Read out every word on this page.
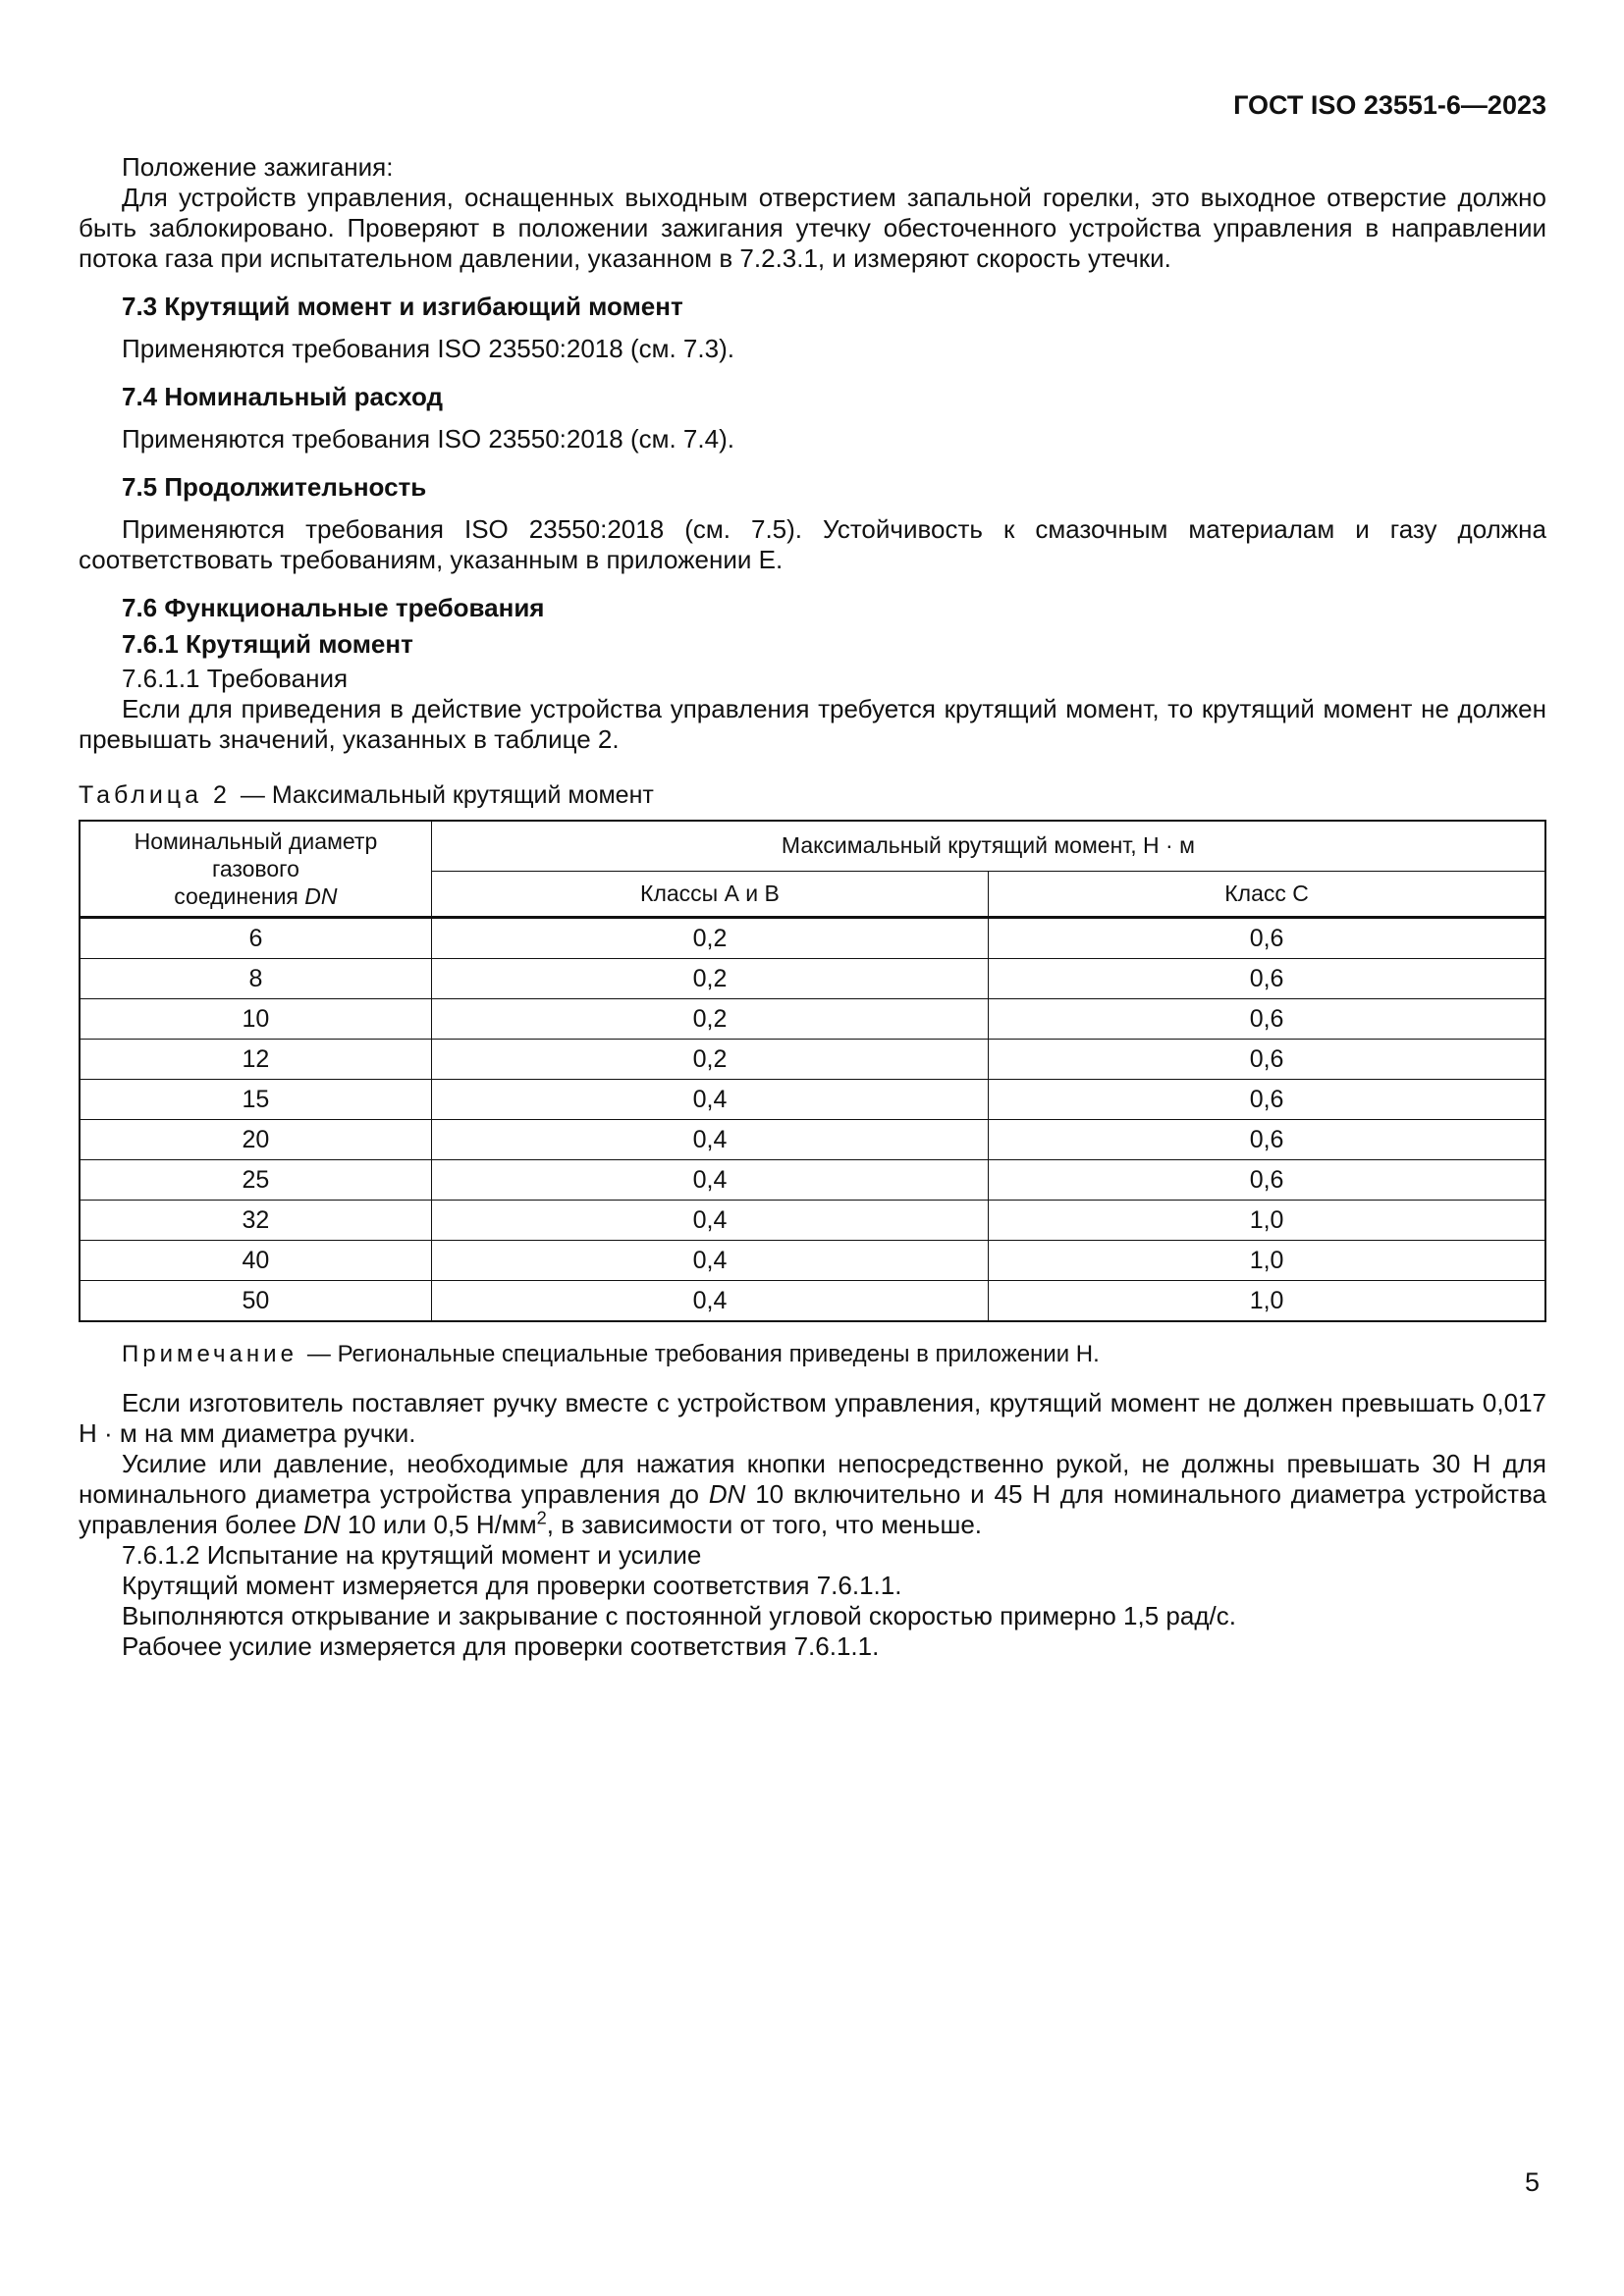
ГОСТ ISO 23551-6—2023

Положение зажигания:

Для устройств управления, оснащенных выходным отверстием запальной горелки, это выходное отверстие должно быть заблокировано. Проверяют в положении зажигания утечку обесточенного устройства управления в направлении потока газа при испытательном давлении, указанном в 7.2.3.1, и измеряют скорость утечки.

7.3 Крутящий момент и изгибающий момент

Применяются требования ISO 23550:2018 (см. 7.3).

7.4 Номинальный расход

Применяются требования ISO 23550:2018 (см. 7.4).

7.5 Продолжительность

Применяются требования ISO 23550:2018 (см. 7.5). Устойчивость к смазочным материалам и газу должна соответствовать требованиям, указанным в приложении Е.

7.6 Функциональные требования
7.6.1 Крутящий момент

7.6.1.1 Требования

Если для приведения в действие устройства управления требуется крутящий момент, то крутящий момент не должен превышать значений, указанных в таблице 2.

Таблица 2 — Максимальный крутящий момент
Номинальный диаметр газового
соединения DN	Максимальный крутящий момент, Н · м	
	Классы А и В	Класс С
6	0,2	0,6
8	0,2	0,6
10	0,2	0,6
12	0,2	0,6
15	0,4	0,6
20	0,4	0,6
25	0,4	0,6
32	0,4	1,0
40	0,4	1,0
50	0,4	1,0
Примечание — Региональные специальные требования приведены в приложении Н.

Если изготовитель поставляет ручку вместе с устройством управления, крутящий момент не должен превышать 0,017 Н · м на мм диаметра ручки.

Усилие или давление, необходимые для нажатия кнопки непосредственно рукой, не должны превышать 30 Н для номинального диаметра устройства управления до DN 10 включительно и 45 Н для номинального диаметра устройства управления более DN 10 или 0,5 $Н/мм^2$, в зависимости от того, что меньше.

7.6.1.2 Испытание на крутящий момент и усилие

Крутящий момент измеряется для проверки соответствия 7.6.1.1.

Выполняются открывание и закрывание с постоянной угловой скоростью примерно 1,5 рад/с.

Рабочее усилие измеряется для проверки соответствия 7.6.1.1.

5
